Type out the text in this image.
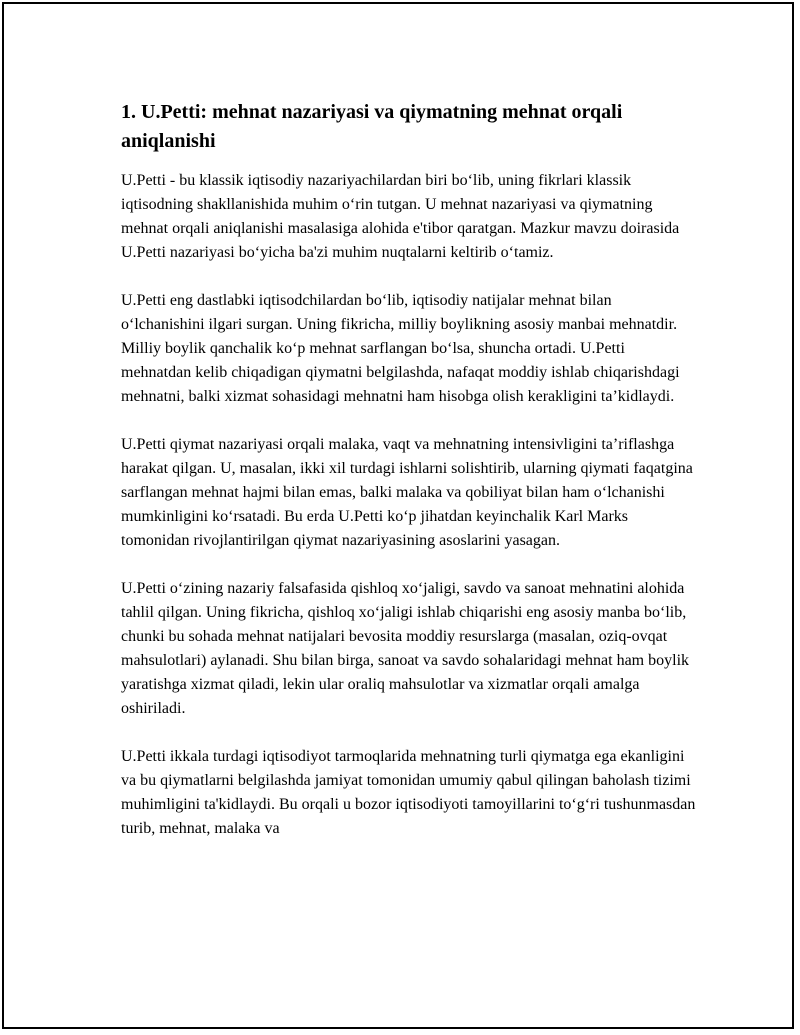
1. U.Petti: mehnat nazariyasi va qiymatning mehnat orqali aniqlanishi

U.Petti - bu klassik iqtisodiy nazariyachilardan biri boʻlib, uning fikrlari klassik iqtisodning shakllanishida muhim oʻrin tutgan. U mehnat nazariyasi va qiymatning mehnat orqali aniqlanishi masalasiga alohida e'tibor qaratgan. Mazkur mavzu doirasida U.Petti nazariyasi boʻyicha ba'zi muhim nuqtalarni keltirib oʻtamiz.

U.Petti eng dastlabki iqtisodchilardan boʻlib, iqtisodiy natijalar mehnat bilan oʻlchanishini ilgari surgan. Uning fikricha, milliy boylikning asosiy manbai mehnatdir. Milliy boylik qanchalik koʻp mehnat sarflangan boʻlsa, shuncha ortadi. U.Petti mehnatdan kelib chiqadigan qiymatni belgilashda, nafaqat moddiy ishlab chiqarishdagi mehnatni, balki xizmat sohasidagi mehnatni ham hisobga olish kerakligini ta’kidlaydi.

U.Petti qiymat nazariyasi orqali malaka, vaqt va mehnatning intensivligini ta’riflashga harakat qilgan. U, masalan, ikki xil turdagi ishlarni solishtirib, ularning qiymati faqatgina sarflangan mehnat hajmi bilan emas, balki malaka va qobiliyat bilan ham oʻlchanishi mumkinligini koʻrsatadi. Bu erda U.Petti koʻp jihatdan keyinchalik Karl Marks tomonidan rivojlantirilgan qiymat nazariyasining asoslarini yasagan.

U.Petti oʻzining nazariy falsafasida qishloq xoʻjaligi, savdo va sanoat mehnatini alohida tahlil qilgan. Uning fikricha, qishloq xoʻjaligi ishlab chiqarishi eng asosiy manba boʻlib, chunki bu sohada mehnat natijalari bevosita moddiy resurslarga (masalan, oziq-ovqat mahsulotlari) aylanadi. Shu bilan birga, sanoat va savdo sohalaridagi mehnat ham boylik yaratishga xizmat qiladi, lekin ular oraliq mahsulotlar va xizmatlar orqali amalga oshiriladi.

U.Petti ikkala turdagi iqtisodiyot tarmoqlarida mehnatning turli qiymatga ega ekanligini va bu qiymatlarni belgilashda jamiyat tomonidan umumiy qabul qilingan baholash tizimi muhimligini ta'kidlaydi. Bu orqali u bozor iqtisodiyoti tamoyillarini toʻgʻri tushunmasdan turib, mehnat, malaka va
